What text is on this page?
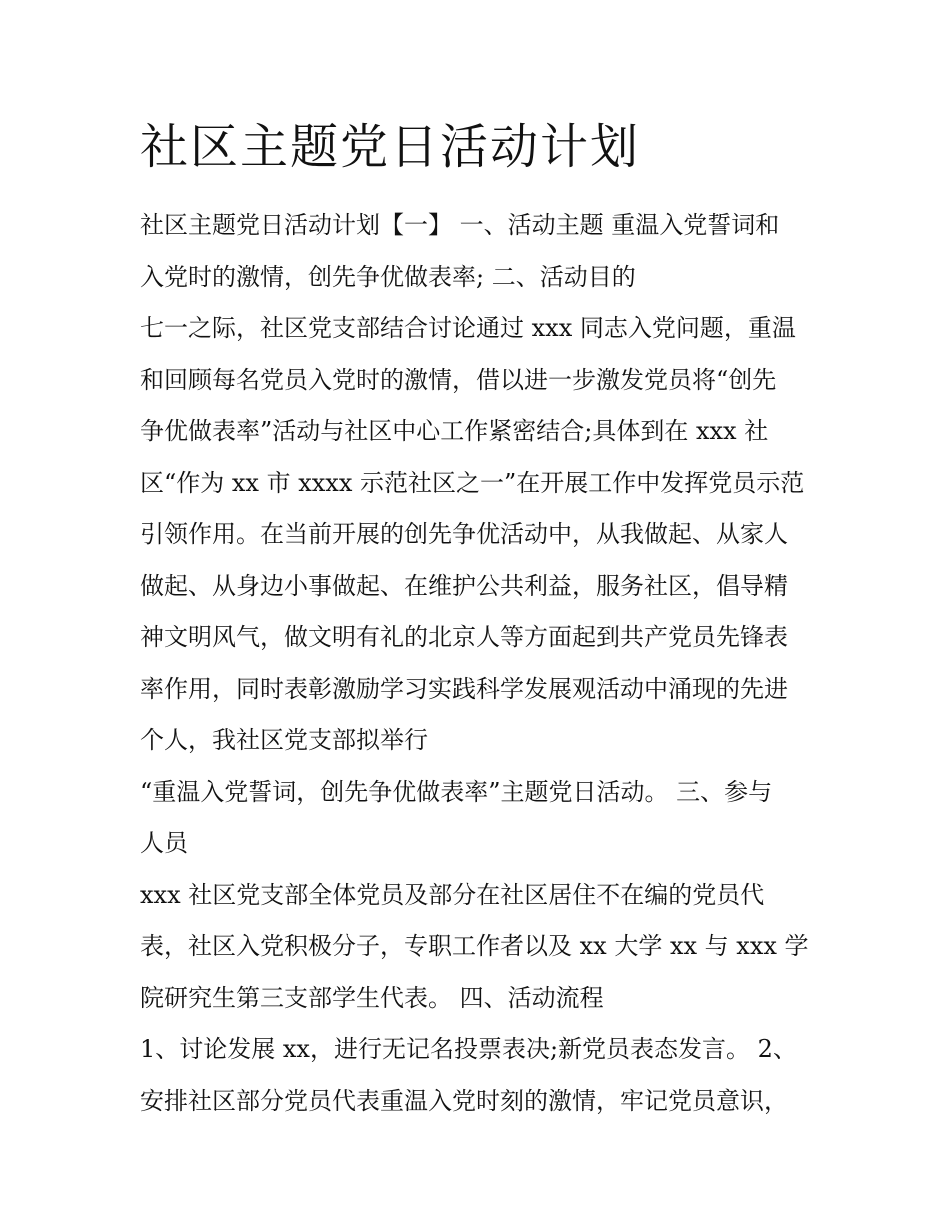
社区主题党日活动计划
社区主题党日活动计划【一】 一、活动主题 重温入党誓词和
入党时的激情，创先争优做表率; 二、活动目的
七一之际，社区党支部结合讨论通过 xxx 同志入党问题，重温
和回顾每名党员入党时的激情，借以进一步激发党员将“创先
争优做表率”活动与社区中心工作紧密结合;具体到在 xxx 社
区“作为 xx 市 xxxx 示范社区之一”在开展工作中发挥党员示范
引领作用。在当前开展的创先争优活动中，从我做起、从家人
做起、从身边小事做起、在维护公共利益，服务社区，倡导精
神文明风气，做文明有礼的北京人等方面起到共产党员先锋表
率作用，同时表彰激励学习实践科学发展观活动中涌现的先进
个人，我社区党支部拟举行
“重温入党誓词，创先争优做表率”主题党日活动。 三、参与
人员
xxx 社区党支部全体党员及部分在社区居住不在编的党员代
表，社区入党积极分子，专职工作者以及 xx 大学 xx 与 xxx 学
院研究生第三支部学生代表。 四、活动流程
1、讨论发展 xx，进行无记名投票表决;新党员表态发言。 2、
安排社区部分党员代表重温入党时刻的激情，牢记党员意识，
